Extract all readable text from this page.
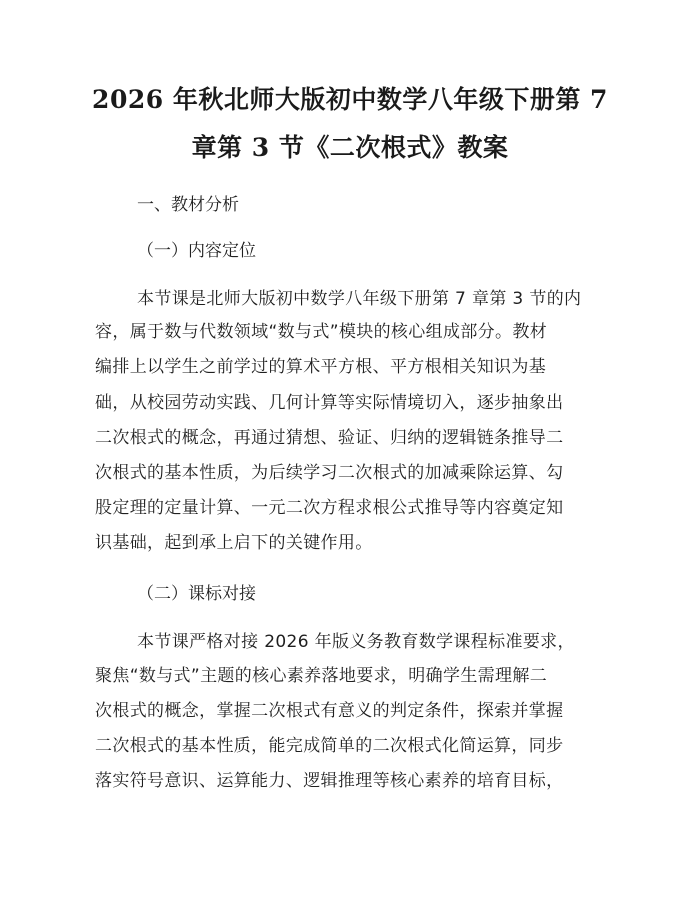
2026 年秋北师大版初中数学八年级下册第 7
章第 3 节《二次根式》教案
一、教材分析
（一）内容定位
本节课是北师大版初中数学八年级下册第 7 章第 3 节的内
容，属于数与代数领域“数与式”模块的核心组成部分。教材
编排上以学生之前学过的算术平方根、平方根相关知识为基
础，从校园劳动实践、几何计算等实际情境切入，逐步抽象出
二次根式的概念，再通过猜想、验证、归纳的逻辑链条推导二
次根式的基本性质，为后续学习二次根式的加减乘除运算、勾
股定理的定量计算、一元二次方程求根公式推导等内容奠定知
识基础，起到承上启下的关键作用。
（二）课标对接
本节课严格对接 2026 年版义务教育数学课程标准要求，
聚焦“数与式”主题的核心素养落地要求，明确学生需理解二
次根式的概念，掌握二次根式有意义的判定条件，探索并掌握
二次根式的基本性质，能完成简单的二次根式化简运算，同步
落实符号意识、运算能力、逻辑推理等核心素养的培育目标，
